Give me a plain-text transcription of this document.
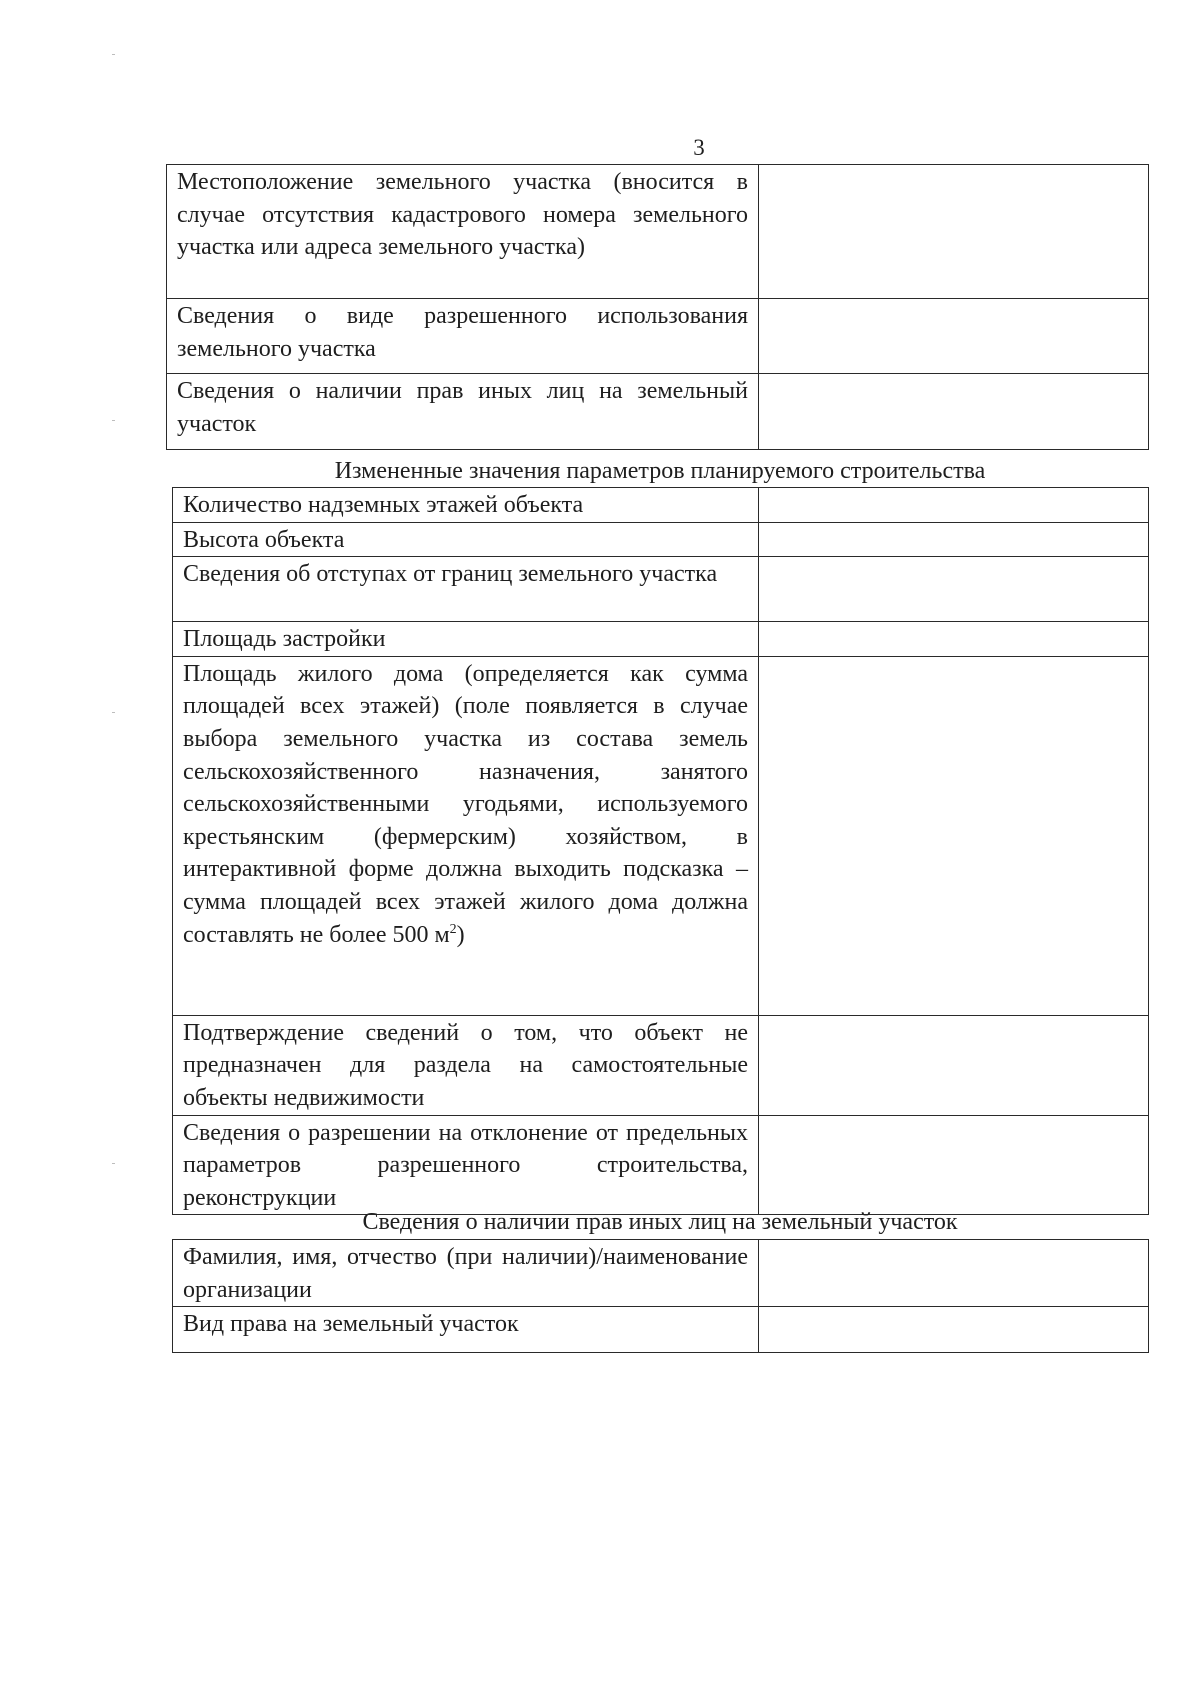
3
Местоположение земельного участка (вносится в случае отсутствия кадастрового номера земельного участка или адреса земельного участка)	
Сведения о виде разрешенного использования земельного участка	
Сведения о наличии прав иных лиц на земельный участок	
Измененные значения параметров планируемого строительства
Количество надземных этажей объекта	
Высота объекта	
Сведения об отступах от границ земельного участка	
Площадь застройки	
Площадь жилого дома (определяется как сумма площадей всех этажей) (поле появляется в случае выбора земельного участка из состава земель сельскохозяйственного назначения, занятого сельскохозяйственными угодьями, используемого крестьянским (фермерским) хозяйством, в интерактивной форме должна выходить подсказка – сумма площадей всех этажей жилого дома должна составлять не более 500 $м^2$)	
Подтверждение сведений о том, что объект не предназначен для раздела на самостоятельные объекты недвижимости	
Сведения о разрешении на отклонение от предельных параметров разрешенного строительства, реконструкции	
Сведения о наличии прав иных лиц на земельный участок
Фамилия, имя, отчество (при наличии)/наименование организации	
Вид права на земельный участок	
